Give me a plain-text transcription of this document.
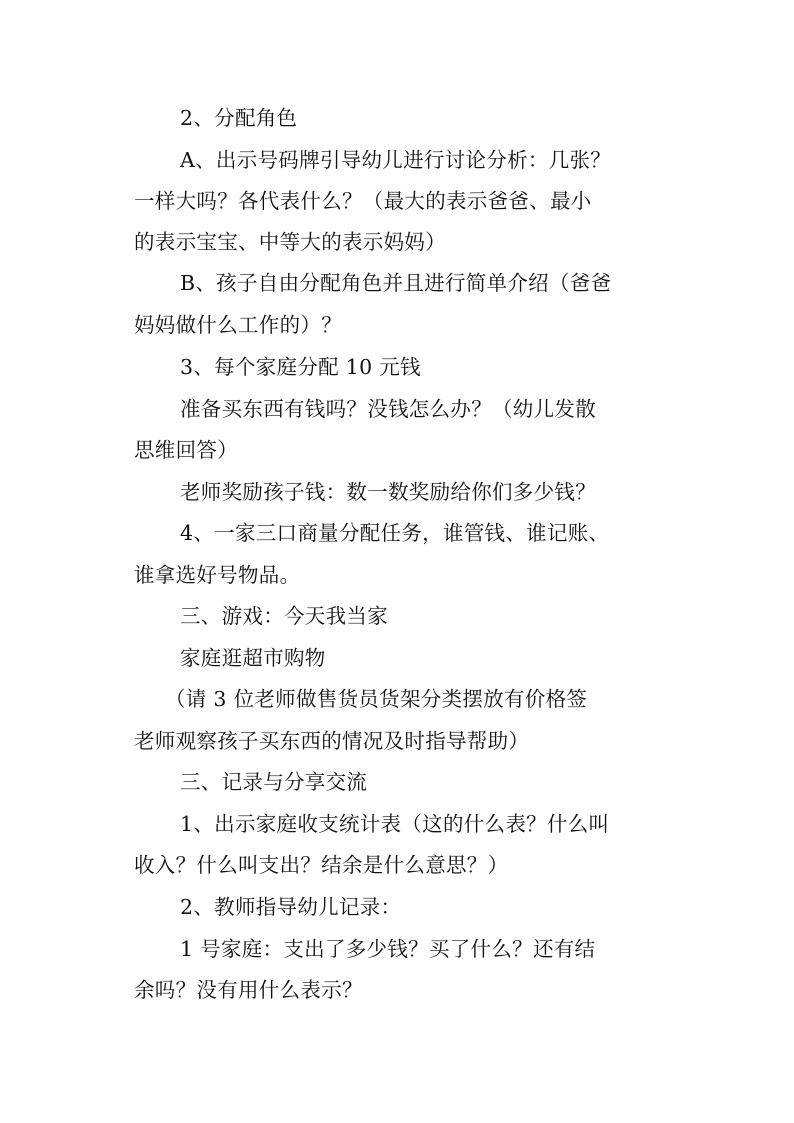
2、分配角色
A、出示号码牌引导幼儿进行讨论分析：几张？
一样大吗？各代表什么？（最大的表示爸爸、最小
的表示宝宝、中等大的表示妈妈）
B、孩子自由分配角色并且进行简单介绍（爸爸
妈妈做什么工作的）？
3、每个家庭分配 10 元钱
准备买东西有钱吗？没钱怎么办？（幼儿发散
思维回答）
老师奖励孩子钱：数一数奖励给你们多少钱？
4、一家三口商量分配任务，谁管钱、谁记账、
谁拿选好号物品。
三、游戏：今天我当家
家庭逛超市购物
（请 3 位老师做售货员货架分类摆放有价格签
老师观察孩子买东西的情况及时指导帮助）
三、记录与分享交流
1、出示家庭收支统计表（这的什么表？什么叫
收入？什么叫支出？结余是什么意思？）
2、教师指导幼儿记录：
1 号家庭：支出了多少钱？买了什么？还有结
余吗？没有用什么表示？
